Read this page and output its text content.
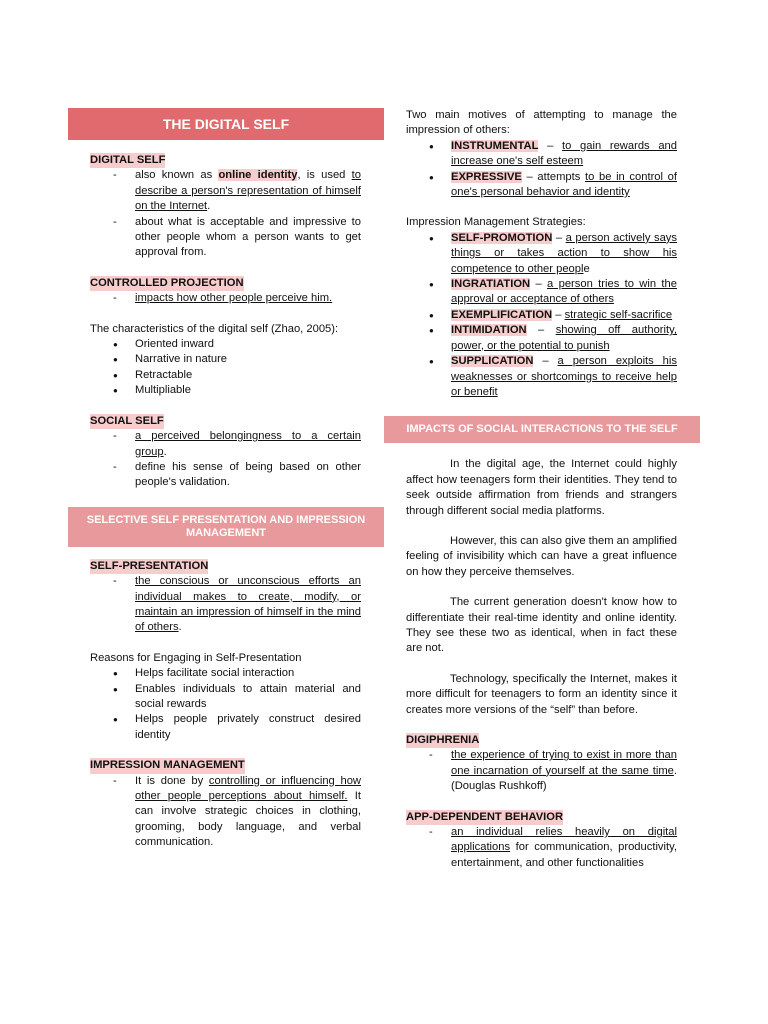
THE DIGITAL SELF
DIGITAL SELF
- also known as online identity, is used to describe a person's representation of himself on the Internet.
- about what is acceptable and impressive to other people whom a person wants to get approval from.
CONTROLLED PROJECTION
- impacts how other people perceive him.

The characteristics of the digital self (Zhao, 2005):

● Oriented inward
● Narrative in nature
● Retractable
● Multipliable
SOCIAL SELF
- a perceived belongingness to a certain group.
- define his sense of being based on other people's validation.
SELECTIVE SELF PRESENTATION AND IMPRESSION MANAGEMENT
SELF-PRESENTATION
- the conscious or unconscious efforts an individual makes to create, modify, or maintain an impression of himself in the mind of others.

Reasons for Engaging in Self-Presentation

● Helps facilitate social interaction
● Enables individuals to attain material and social rewards
● Helps people privately construct desired identity
IMPRESSION MANAGEMENT
- It is done by controlling or influencing how other people perceptions about himself. It can involve strategic choices in clothing, grooming, body language, and verbal communication.

Two main motives of attempting to manage the impression of others:

● INSTRUMENTAL – to gain rewards and increase one's self esteem
● EXPRESSIVE – attempts to be in control of one's personal behavior and identity

Impression Management Strategies:

● SELF-PROMOTION – a person actively says things or takes action to show his competence to other people
● INGRATIATION – a person tries to win the approval or acceptance of others
● EXEMPLIFICATION – strategic self-sacrifice
● INTIMIDATION – showing off authority, power, or the potential to punish
● SUPPLICATION – a person exploits his weaknesses or shortcomings to receive help or benefit
IMPACTS OF SOCIAL INTERACTIONS TO THE SELF

In the digital age, the Internet could highly affect how teenagers form their identities. They tend to seek outside affirmation from friends and strangers through different social media platforms.

However, this can also give them an amplified feeling of invisibility which can have a great influence on how they perceive themselves.

The current generation doesn't know how to differentiate their real-time identity and online identity. They see these two as identical, when in fact these are not.

Technology, specifically the Internet, makes it more difficult for teenagers to form an identity since it creates more versions of the “self” than before.

DIGIPHRENIA
- the experience of trying to exist in more than one incarnation of yourself at the same time. (Douglas Rushkoff)
APP-DEPENDENT BEHAVIOR
- an individual relies heavily on digital applications for communication, productivity, entertainment, and other functionalities
